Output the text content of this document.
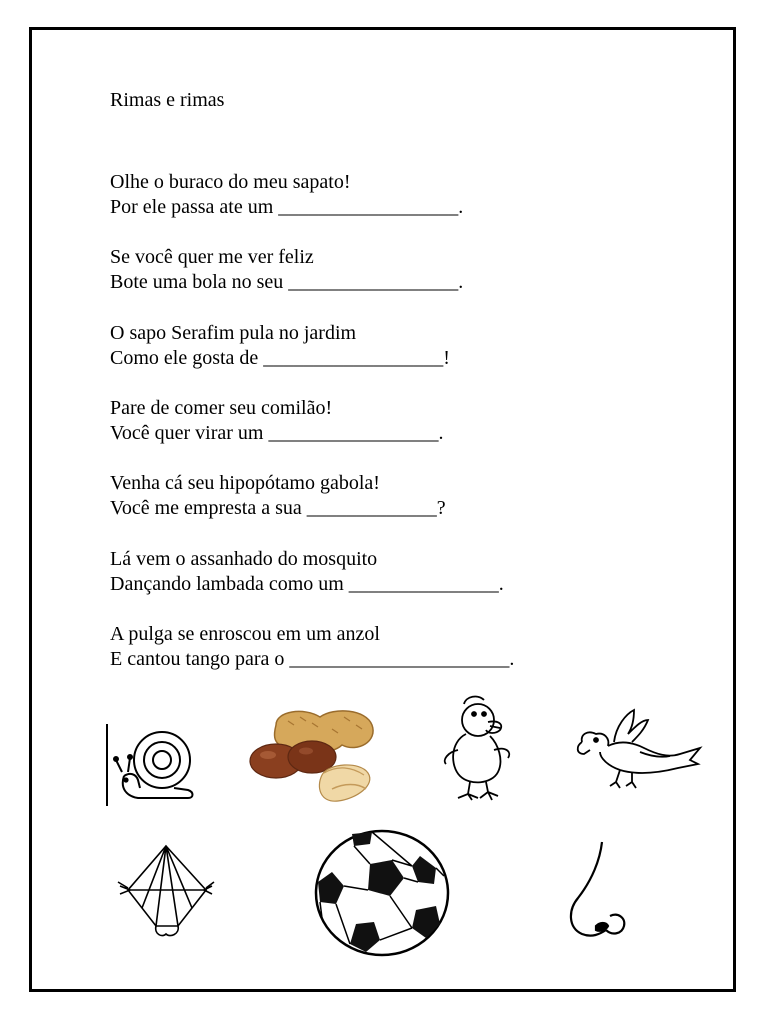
Rimas e rimas

Olhe o buraco do meu sapato!
Por ele passa ate um __________________.

Se você quer me ver feliz
Bote uma bola no seu _________________.

O sapo Serafim pula no jardim
Como ele gosta de __________________!

Pare de comer seu comilão!
Você quer virar um _________________.

Venha cá seu hipopótamo gabola!
Você me empresta a sua _____________?

Lá vem o assanhado do mosquito
Dançando lambada como um _______________.

A pulga se enroscou em um anzol
E cantou tango para o ______________________.
